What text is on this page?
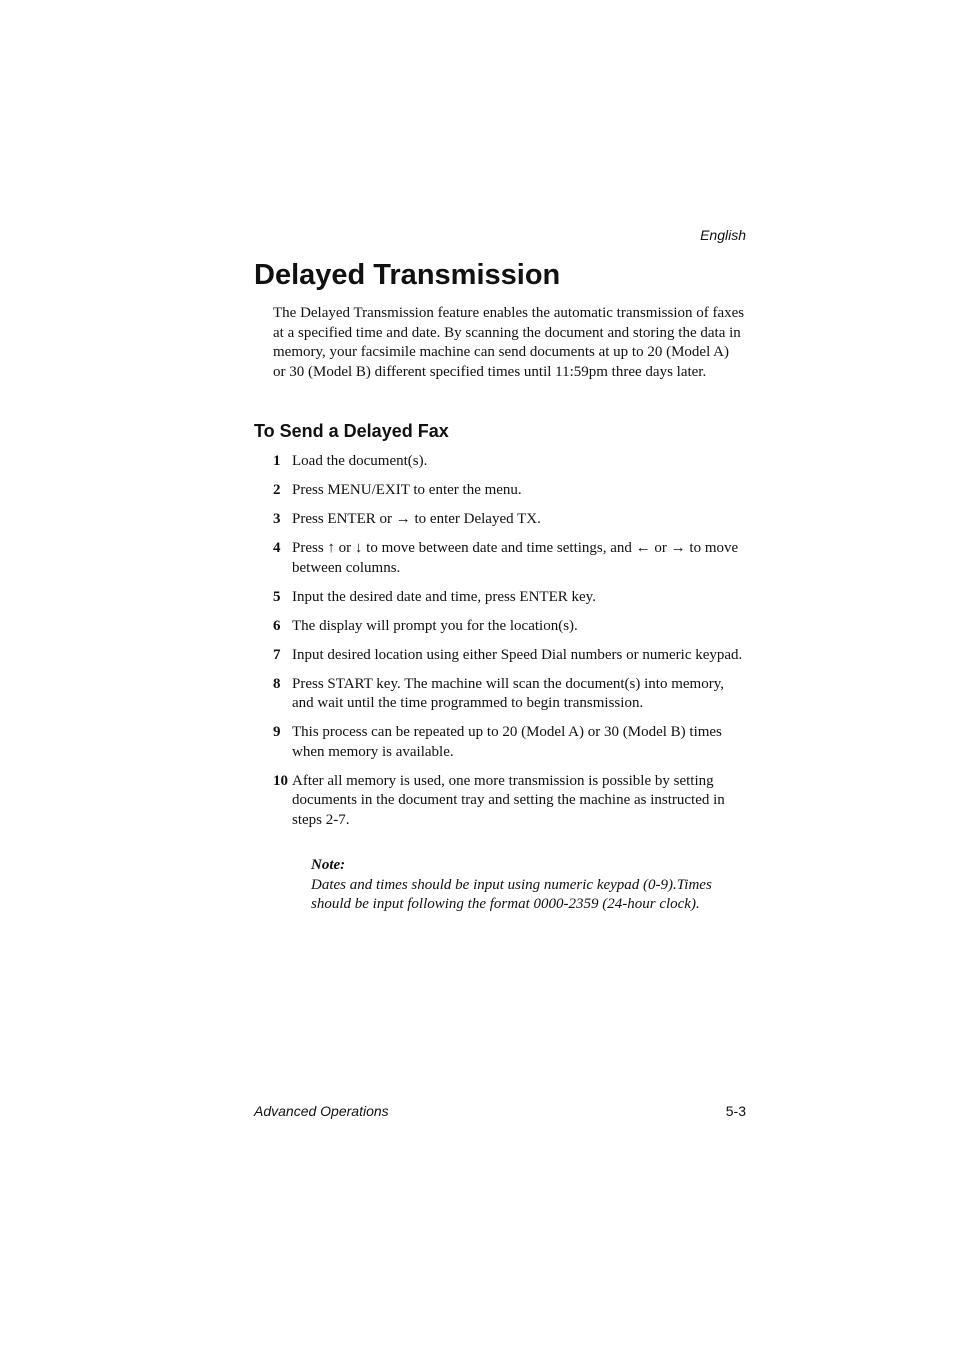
English
Delayed Transmission

The Delayed Transmission feature enables the automatic transmission of faxes at a specified time and date. By scanning the document and storing the data in memory, your facsimile machine can send documents at up to 20 (Model A) or 30 (Model B) different specified times until 11:59pm three days later.

To Send a Delayed Fax
1 Load the document(s).
2 Press MENU/EXIT to enter the menu.
3 Press ENTER or → to enter Delayed TX.
4 Press ↑ or ↓ to move between date and time settings, and ← or → to move between columns.
5 Input the desired date and time, press ENTER key.
6 The display will prompt you for the location(s).
7 Input desired location using either Speed Dial numbers or numeric keypad.
8 Press START key. The machine will scan the document(s) into memory, and wait until the time programmed to begin transmission.
9 This process can be repeated up to 20 (Model A) or 30 (Model B) times when memory is available.
10 After all memory is used, one more transmission is possible by setting documents in the document tray and setting the machine as instructed in steps 2-7.
Note:
Dates and times should be input using numeric keypad (0-9).Times should be input following the format 0000-2359 (24-hour clock).
Advanced Operations	5-3
